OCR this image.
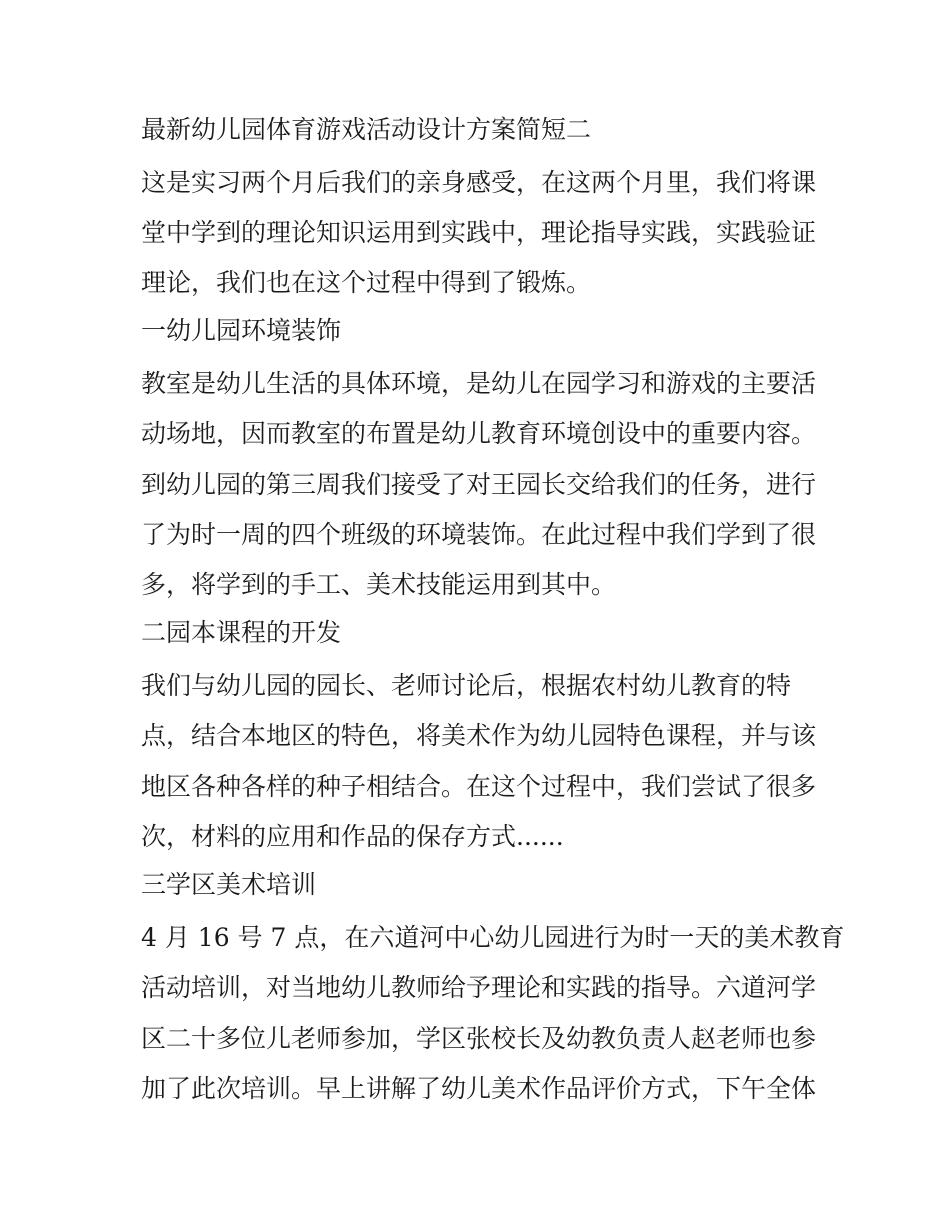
最新幼儿园体育游戏活动设计方案简短二
这是实习两个月后我们的亲身感受，在这两个月里，我们将课
堂中学到的理论知识运用到实践中，理论指导实践，实践验证
理论，我们也在这个过程中得到了锻炼。
一幼儿园环境装饰
教室是幼儿生活的具体环境，是幼儿在园学习和游戏的主要活
动场地，因而教室的布置是幼儿教育环境创设中的重要内容。
到幼儿园的第三周我们接受了对王园长交给我们的任务，进行
了为时一周的四个班级的环境装饰。在此过程中我们学到了很
多，将学到的手工、美术技能运用到其中。
二园本课程的开发
我们与幼儿园的园长、老师讨论后，根据农村幼儿教育的特
点，结合本地区的特色，将美术作为幼儿园特色课程，并与该
地区各种各样的种子相结合。在这个过程中，我们尝试了很多
次，材料的应用和作品的保存方式......
三学区美术培训
4 月 16 号 7 点，在六道河中心幼儿园进行为时一天的美术教育
活动培训，对当地幼儿教师给予理论和实践的指导。六道河学
区二十多位儿老师参加，学区张校长及幼教负责人赵老师也参
加了此次培训。早上讲解了幼儿美术作品评价方式，下午全体
